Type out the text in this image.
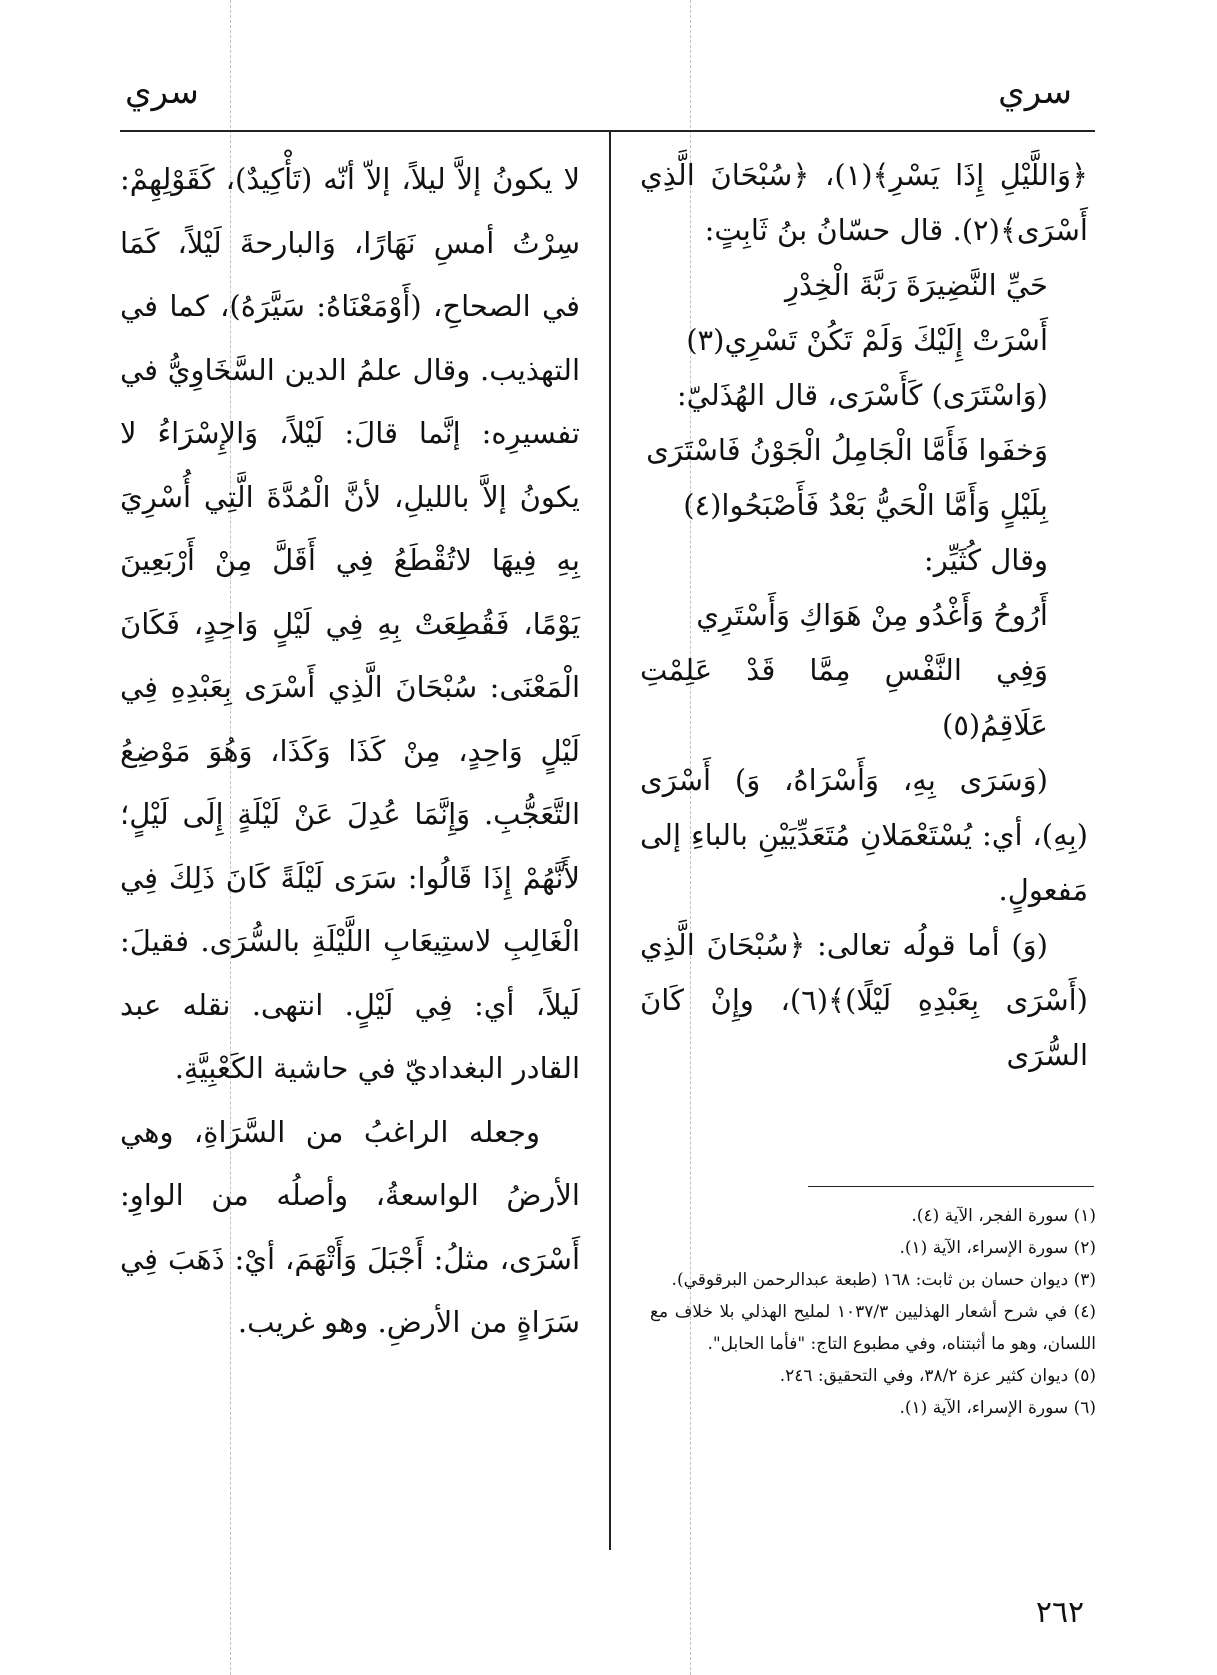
سري
سري

﴿وَاللَّيْلِ إِذَا يَسْرِ﴾(١)، ﴿سُبْحَانَ الَّذِي أَسْرَى﴾(٢). قال حسّانُ بنُ ثَابِتٍ:

حَيِّ النَّضِيرَةَ رَبَّةَ الْخِدْرِ

أَسْرَتْ إِلَيْكَ وَلَمْ تَكُنْ تَسْرِي(٣)

(وَاسْتَرَى) كَأَسْرَى، قال الهُذَليّ:

وَخفَوا فَأَمَّا الْجَامِلُ الْجَوْنُ فَاسْتَرَى

بِلَيْلٍ وَأَمَّا الْحَيُّ بَعْدُ فَأَصْبَحُوا(٤)

وقال كُثَيِّر:

أَرُوحُ وَأَغْدُو مِنْ هَوَاكِ وَأَسْتَرِي

وَفِي النَّفْسِ مِمَّا قَدْ عَلِمْتِ عَلَاقِمُ(٥)

(وَسَرَى بِهِ، وَأَسْرَاهُ، وَ) أَسْرَى (بِهِ)، أي: يُسْتَعْمَلانِ مُتَعَدِّيَيْنِ بالباءِ إلى مَفعولٍ.

(وَ) أما قولُه تعالى: ﴿سُبْحَانَ الَّذِي (أَسْرَى بِعَبْدِهِ لَيْلًا)﴾(٦)، وإِنْ كَانَ السُّرَى

لا يكونُ إلاَّ ليلاً، إلاّ أنّه (تَأْكِيدٌ)، كَقَوْلِهِمْ: سِرْتُ أمسِ نَهَارًا، وَالبارحةَ لَيْلاً، كَمَا في الصحاحِ، (أَوْمَعْنَاهُ: سَيَّرَهُ)، كما في التهذيب. وقال علمُ الدين السَّخَاوِيُّ في تفسيرِه: إنَّما قالَ: لَيْلاً، وَالإِسْرَاءُ لا يكونُ إلاَّ بالليلِ، لأنَّ الْمُدَّةَ الَّتِي أُسْرِيَ بِهِ فِيهَا لاتُقْطَعُ فِي أَقَلَّ مِنْ أَرْبَعِينَ يَوْمًا، فَقُطِعَتْ بِهِ فِي لَيْلٍ وَاحِدٍ، فَكَانَ الْمَعْنَى: سُبْحَانَ الَّذِي أَسْرَى بِعَبْدِهِ فِي لَيْلٍ وَاحِدٍ، مِنْ كَذَا وَكَذَا، وَهُوَ مَوْضِعُ التَّعَجُّبِ. وَإِنَّمَا عُدِلَ عَنْ لَيْلَةٍ إِلَى لَيْلٍ؛ لأَنَّهُمْ إِذَا قَالُوا: سَرَى لَيْلَةً كَانَ ذَلِكَ فِي الْغَالِبِ لاستِيعَابِ اللَّيْلَةِ بالسُّرَى. فقيلَ: لَيلاً، أي: فِي لَيْلٍ. انتهى. نقله عبد القادر البغداديّ في حاشية الكَعْبِيَّةِ.

وجعله الراغبُ من السَّرَاةِ، وهي الأرضُ الواسعةُ، وأصلُه من الواوِ: أَسْرَى، مثلُ: أَجْبَلَ وَأَتْهَمَ، أيْ: ذَهَبَ فِي سَرَاةٍ من الأرضِ. وهو غريب.

(١) سورة الفجر، الآية (٤).
(٢) سورة الإسراء، الآية (١).
(٣) ديوان حسان بن ثابت: ١٦٨ (طبعة عبدالرحمن البرقوقي).
(٤) في شرح أشعار الهذليين ١٠٣٧/٣ لمليح الهذلي بلا خلاف مع اللسان، وهو ما أثبتناه، وفي مطبوع التاج: "فأما الحابل".
(٥) ديوان كثير عزة ٣٨/٢، وفي التحقيق: ٢٤٦.
(٦) سورة الإسراء، الآية (١).
٢٦٢
